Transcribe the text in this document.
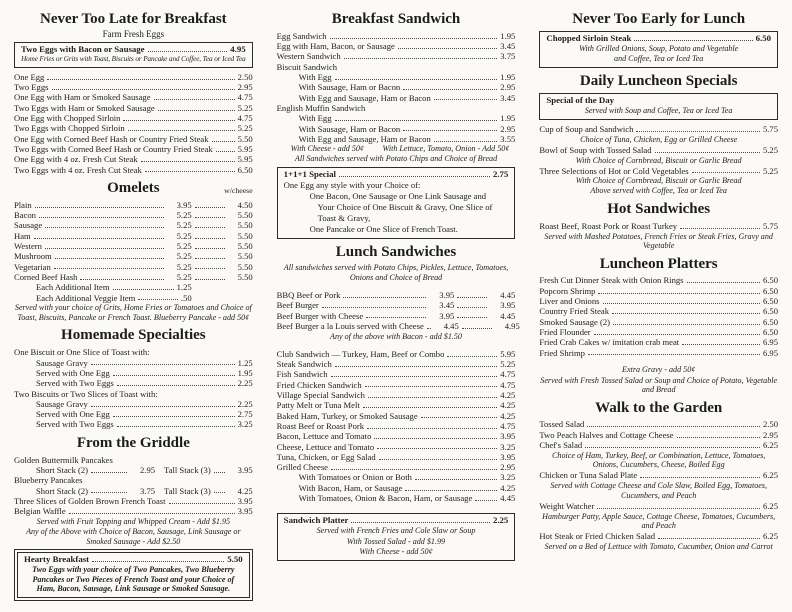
Never Too Late for Breakfast
Farm Fresh Eggs
Two Eggs with Bacon or Sausage	4.95
Home Fries or Grits with Toast, Biscuits or Pancake and Coffee, Tea or Iced Tea
One Egg	2.50
Two Eggs	2.95
One Egg with Ham or Smoked Sausage	4.75
Two Eggs with Ham or Smoked Sausage	5.25
One Egg with Chopped Sirloin	4.75
Two Eggs with Chopped Sirloin	5.25
One Egg with Corned Beef Hash or Country Fried Steak	5.50
Two Eggs with Corned Beef Hash or Country Fried Steak	5.95
One Egg with 4 oz. Fresh Cut Steak	5.95
Two Eggs with 4 oz. Fresh Cut Steak	6.50
Omelets	w/cheese
Plain	3.95	4.50
Bacon	5.25	5.50
Sausage	5.25	5.50
Ham	5.25	5.50
Western	5.25	5.50
Mushroom	5.25	5.50
Vegetarian	5.25	5.50
Corned Beef Hash	5.25	5.50
Each Additional Item	1.25
Each Additional Veggie Item	.50
Served with your choice of Grits, Home Fries or Tomatoes and Choice of Toast, Biscuits, Pancake or French Toast. Blueberry Pancake - add 50¢
Homemade Specialties
One Biscuit or One Slice of Toast with:
Sausage Gravy	1.25
Served with One Egg	1.95
Served with Two Eggs	2.25
Two Biscuits or Two Slices of Toast with:
Sausage Gravy	2.25
Served with One Egg	2.75
Served with Two Eggs	3.25
From the Griddle
Golden Buttermilk Pancakes
Short Stack (2)	2.95 Tall Stack (3)	3.95
Blueberry Pancakes
Short Stack (2)	3.75 Tall Stack (3)	4.25
Three Slices of Golden Brown French Toast	3.95
Belgian Waffle	3.95
Served with Fruit Topping and Whipped Cream - Add $1.95
Any of the Above with Choice of Bacon, Sausage, Link Sausage or Smoked Sausage - Add $2.50
Hearty Breakfast	5.50
Two Eggs with your choice of Two Pancakes, Two Blueberry Pancakes or Two Pieces of French Toast and your Choice of Ham, Bacon, Sausage, Link Sausage or Smoked Sausage.
Breakfast Sandwich
Egg Sandwich	1.95
Egg with Ham, Bacon, or Sausage	3.45
Western Sandwich	3.75
Biscuit Sandwich
With Egg	1.95
With Sausage, Ham or Bacon	2.95
With Egg and Sausage, Ham or Bacon	3.45
English Muffin Sandwich
With Egg	1.95
With Sausage, Ham or Bacon	2.95
With Egg and Sausage, Ham or Bacon	3.55
With Cheese - add 50¢ With Lettuce, Tomato, Onion - Add 50¢
All Sandwiches served with Potato Chips and Choice of Bread
1+1+1 Special	2.75
One Egg any style with your Choice of:
One Bacon, One Sausage or One Link Sausage and
Your Choice of One Biscuit & Gravy, One Slice of Toast & Gravy,
One Pancake or One Slice of French Toast.
Lunch Sandwiches
All sandwiches served with Potato Chips, Pickles, Lettuce, Tomatoes, Onions and Choice of Bread
BBQ Beef or Pork	3.95	4.45
Beef Burger	3.45	3.95
Beef Burger with Cheese	3.95	4.45
Beef Burger a la Louis served with Cheese	4.45	4.95
Any of the above with Bacon - add $1.50
Club Sandwich — Turkey, Ham, Beef or Combo	5.95
Steak Sandwich	5.25
Fish Sandwich	4.75
Fried Chicken Sandwich	4.75
Village Special Sandwich	4.25
Patty Melt or Tuna Melt	4.25
Baked Ham, Turkey, or Smoked Sausage	4.25
Roast Beef or Roast Pork	4.75
Bacon, Lettuce and Tomato	3.95
Cheese, Lettuce and Tomato	3.25
Tuna, Chicken, or Egg Salad	3.95
Grilled Cheese	2.95
With Tomatoes or Onion or Both	3.25
With Bacon, Ham, or Sausage	4.25
With Tomatoes, Onion & Bacon, Ham, or Sausage	4.45
Sandwich Platter	2.25
Served with French Fries and Cole Slaw or Soup
With Tossed Salad - add $1.99
With Cheese - add 50¢
Never Too Early for Lunch
Chopped Sirloin Steak	6.50
With Grilled Onions, Soup, Potato and Vegetable
and Coffee, Tea or Iced Tea
Daily Luncheon Specials
Special of the Day
Served with Soup and Coffee, Tea or Iced Tea
Cup of Soup and Sandwich	5.75
Choice of Tuna, Chicken, Egg or Grilled Cheese
Bowl of Soup with Tossed Salad	5.25
With Choice of Cornbread, Biscuit or Garlic Bread
Three Selections of Hot or Cold Vegetables	5.25
With Choice of Cornbread, Biscuit or Garlic Bread
Above served with Coffee, Tea or Iced Tea
Hot Sandwiches
Roast Beef, Roast Pork or Roast Turkey	5.75
Served with Mashed Potatoes, French Fries or Steak Fries, Gravy and Vegetable
Luncheon Platters
Fresh Cut Dinner Steak with Onion Rings	6.50
Popcorn Shrimp	6.50
Liver and Onions	6.50
Country Fried Steak	6.50
Smoked Sausage (2)	6.50
Fried Flounder	6.50
Fried Crab Cakes w/ imitation crab meat	6.95
Fried Shrimp	6.95
Extra Gravy - add 50¢
Served with Fresh Tossed Salad or Soup and Choice of Potato, Vegetable and Bread
Walk to the Garden
Tossed Salad	2.50
Two Peach Halves and Cottage Cheese	2.95
Chef's Salad	6.25
Choice of Ham, Turkey, Beef, or Combination, Lettuce, Tomatoes, Onions, Cucumbers, Cheese, Boiled Egg
Chicken or Tuna Salad Plate	6.25
Served with Cottage Cheese and Cole Slaw, Boiled Egg, Tomatoes, Cucumbers, and Peach
Weight Watcher	6.25
Hamburger Patty, Apple Sauce, Cottage Cheese, Tomatoes, Cucumbers, and Peach
Hot Steak or Fried Chicken Salad	6.25
Served on a Bed of Lettuce with Tomato, Cucumber, Onion and Carrot
